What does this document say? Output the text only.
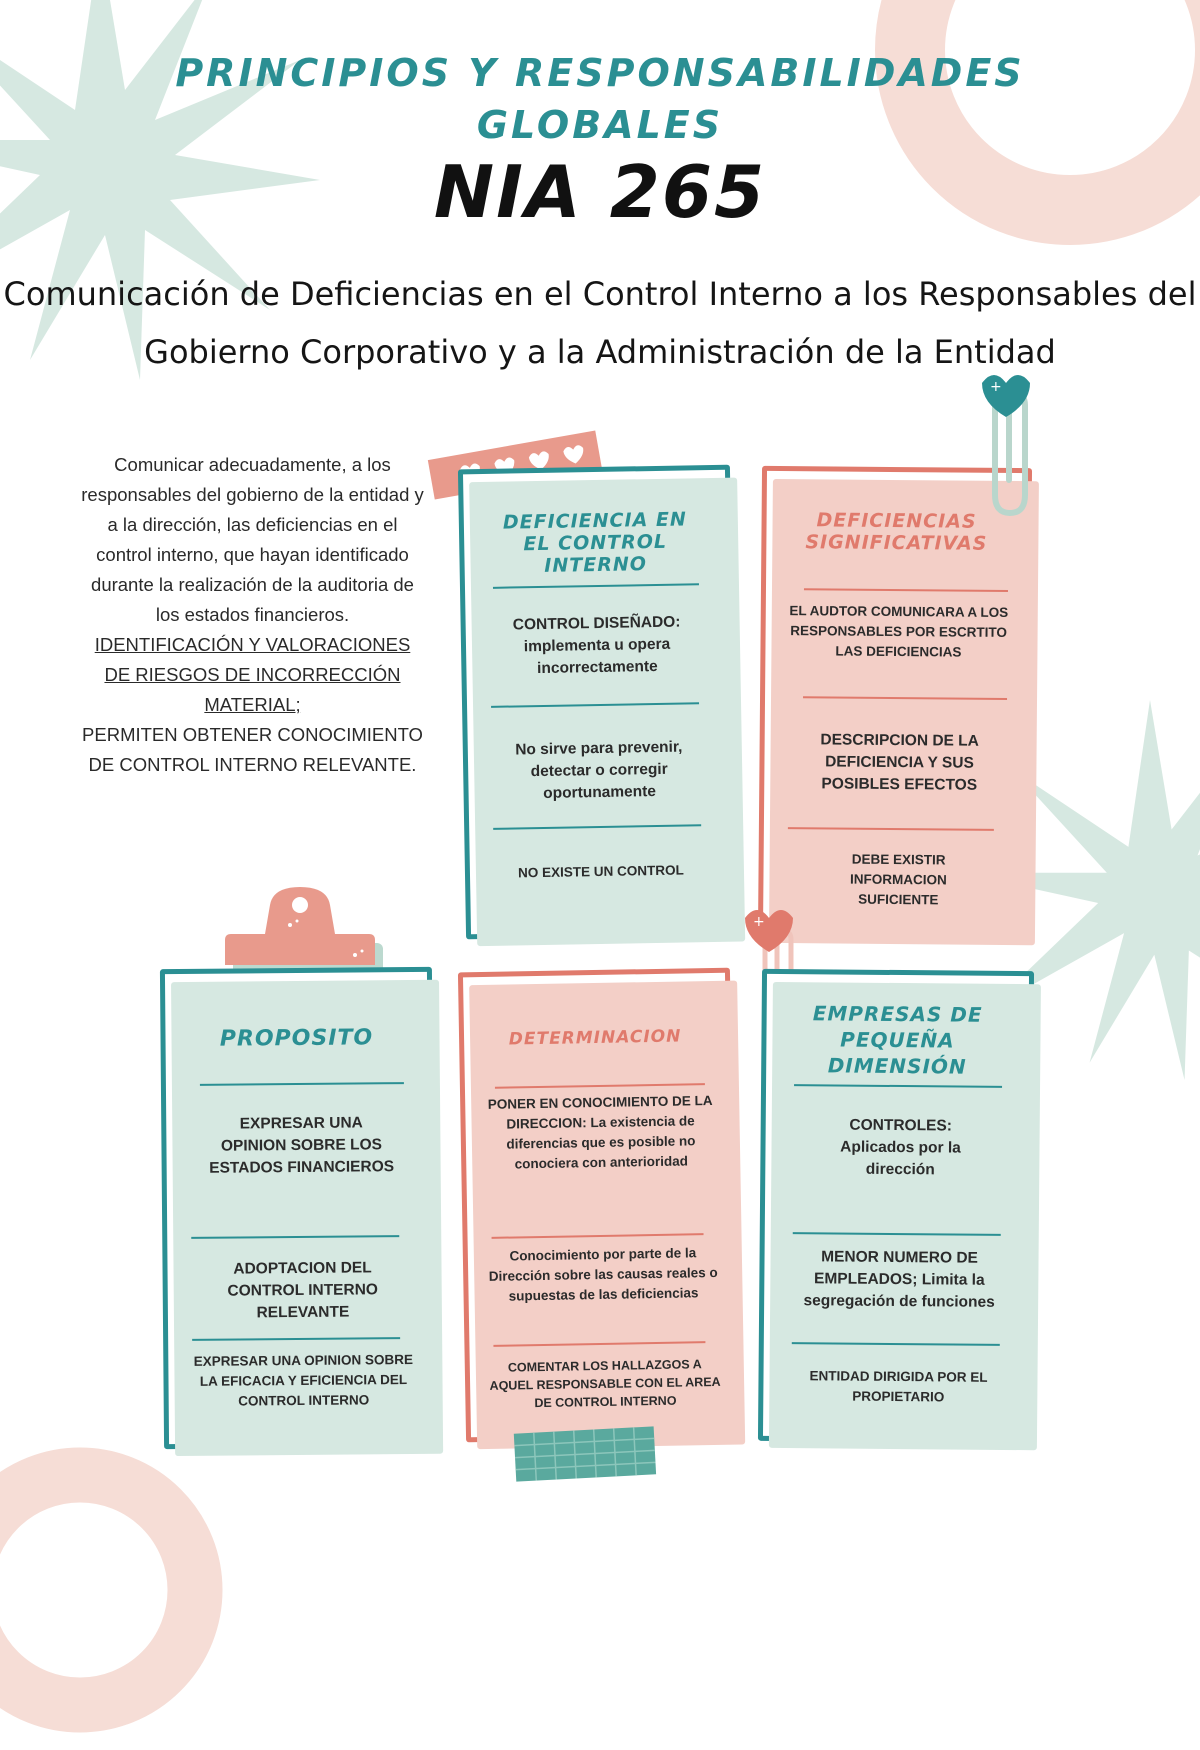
PRINCIPIOS Y RESPONSABILIDADES
GLOBALES
NIA 265
Comunicación de Deficiencias en el Control Interno a los Responsables del
Gobierno Corporativo y a la Administración de la Entidad
Comunicar adecuadamente, a los responsables del gobierno de la entidad y a la dirección, las deficiencias en el control interno, que hayan identificado durante la realización de la auditoria de los estados financieros.
IDENTIFICACIÓN Y VALORACIONES DE RIESGOS DE INCORRECCIÓN MATERIAL;
PERMITEN OBTENER CONOCIMIENTO DE CONTROL INTERNO RELEVANTE.
DEFICIENCIA EN EL CONTROL INTERNO
CONTROL DISEÑADO: implementa u opera incorrectamente
No sirve para prevenir, detectar o corregir oportunamente
NO EXISTE UN CONTROL
DEFICIENCIAS SIGNIFICATIVAS
EL AUDTOR COMUNICARA A LOS RESPONSABLES POR ESCRTITO LAS DEFICIENCIAS
DESCRIPCION DE LA DEFICIENCIA Y SUS POSIBLES EFECTOS
DEBE EXISTIR INFORMACION SUFICIENTE
+
PROPOSITO
EXPRESAR UNA OPINION SOBRE LOS ESTADOS FINANCIEROS
ADOPTACION DEL CONTROL INTERNO RELEVANTE
EXPRESAR UNA OPINION SOBRE LA EFICACIA Y EFICIENCIA DEL CONTROL INTERNO
DETERMINACION
PONER EN CONOCIMIENTO DE LA DIRECCION: La existencia de diferencias que es posible no conociera con anterioridad
Conocimiento por parte de la Dirección sobre las causas reales o supuestas de las deficiencias
COMENTAR LOS HALLAZGOS A AQUEL RESPONSABLE CON EL AREA DE CONTROL INTERNO
+
EMPRESAS DE PEQUEÑA DIMENSIÓN
CONTROLES: Aplicados por la dirección
MENOR NUMERO DE EMPLEADOS; Limita la segregación de funciones
ENTIDAD DIRIGIDA POR EL PROPIETARIO
